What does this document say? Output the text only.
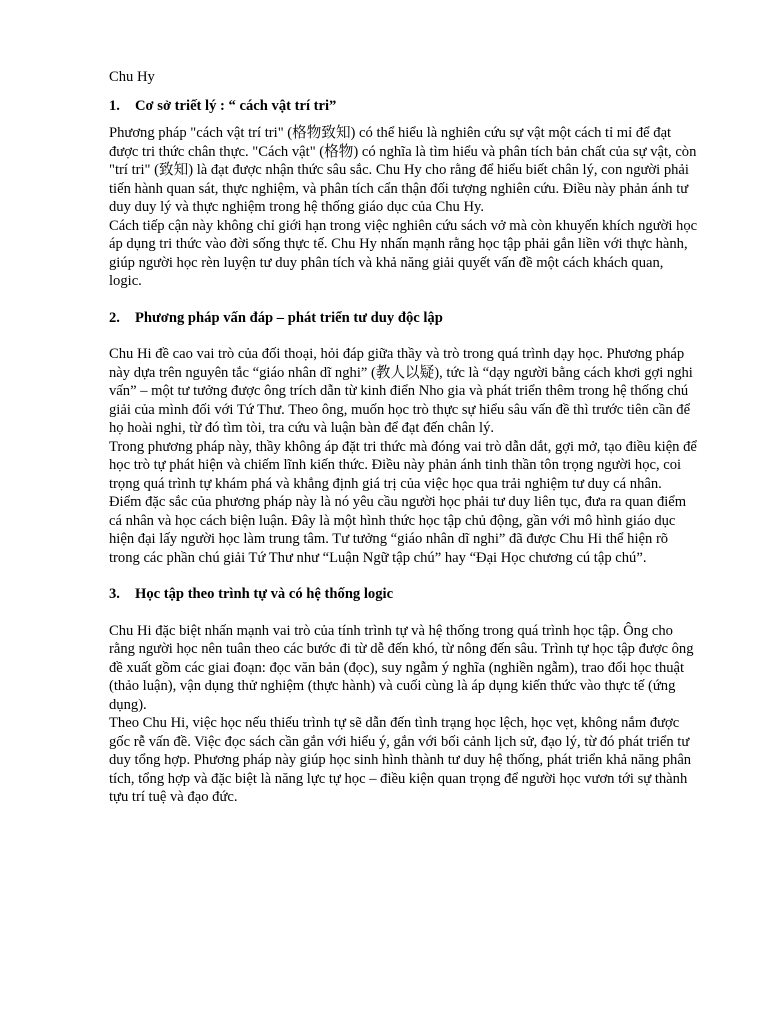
Chu Hy

1. Cơ sở triết lý : “ cách vật trí tri”

Phương pháp "cách vật trí tri" (格物致知) có thể hiểu là nghiên cứu sự vật một cách tỉ mỉ để đạt được tri thức chân thực. "Cách vật" (格物) có nghĩa là tìm hiểu và phân tích bản chất của sự vật, còn "trí tri" (致知) là đạt được nhận thức sâu sắc. Chu Hy cho rằng để hiểu biết chân lý, con người phải tiến hành quan sát, thực nghiệm, và phân tích cẩn thận đối tượng nghiên cứu. Điều này phản ánh tư duy duy lý và thực nghiệm trong hệ thống giáo dục của Chu Hy.

Cách tiếp cận này không chỉ giới hạn trong việc nghiên cứu sách vở mà còn khuyến khích người học áp dụng tri thức vào đời sống thực tế. Chu Hy nhấn mạnh rằng học tập phải gắn liền với thực hành, giúp người học rèn luyện tư duy phân tích và khả năng giải quyết vấn đề một cách khách quan, logic.

2. Phương pháp vấn đáp – phát triển tư duy độc lập

Chu Hi đề cao vai trò của đối thoại, hỏi đáp giữa thầy và trò trong quá trình dạy học. Phương pháp này dựa trên nguyên tắc “giáo nhân dĩ nghi” (教人以疑), tức là “dạy người bằng cách khơi gợi nghi vấn” – một tư tưởng được ông trích dẫn từ kinh điển Nho gia và phát triển thêm trong hệ thống chú giải của mình đối với Tứ Thư. Theo ông, muốn học trò thực sự hiểu sâu vấn đề thì trước tiên cần để họ hoài nghi, từ đó tìm tòi, tra cứu và luận bàn để đạt đến chân lý.

Trong phương pháp này, thầy không áp đặt tri thức mà đóng vai trò dẫn dắt, gợi mở, tạo điều kiện để học trò tự phát hiện và chiếm lĩnh kiến thức. Điều này phản ánh tinh thần tôn trọng người học, coi trọng quá trình tự khám phá và khẳng định giá trị của việc học qua trải nghiệm tư duy cá nhân.

Điểm đặc sắc của phương pháp này là nó yêu cầu người học phải tư duy liên tục, đưa ra quan điểm cá nhân và học cách biện luận. Đây là một hình thức học tập chủ động, gần với mô hình giáo dục hiện đại lấy người học làm trung tâm. Tư tưởng “giáo nhân dĩ nghi” đã được Chu Hi thể hiện rõ trong các phần chú giải Tứ Thư như “Luận Ngữ tập chú” hay “Đại Học chương cú tập chú”.

3. Học tập theo trình tự và có hệ thống logic

Chu Hi đặc biệt nhấn mạnh vai trò của tính trình tự và hệ thống trong quá trình học tập. Ông cho rằng người học nên tuân theo các bước đi từ dễ đến khó, từ nông đến sâu. Trình tự học tập được ông đề xuất gồm các giai đoạn: đọc văn bản (đọc), suy ngẫm ý nghĩa (nghiền ngẫm), trao đổi học thuật (thảo luận), vận dụng thử nghiệm (thực hành) và cuối cùng là áp dụng kiến thức vào thực tế (ứng dụng).

Theo Chu Hi, việc học nếu thiếu trình tự sẽ dẫn đến tình trạng học lệch, học vẹt, không nắm được gốc rễ vấn đề. Việc đọc sách cần gắn với hiểu ý, gắn với bối cảnh lịch sử, đạo lý, từ đó phát triển tư duy tổng hợp. Phương pháp này giúp học sinh hình thành tư duy hệ thống, phát triển khả năng phân tích, tổng hợp và đặc biệt là năng lực tự học – điều kiện quan trọng để người học vươn tới sự thành tựu trí tuệ và đạo đức.
